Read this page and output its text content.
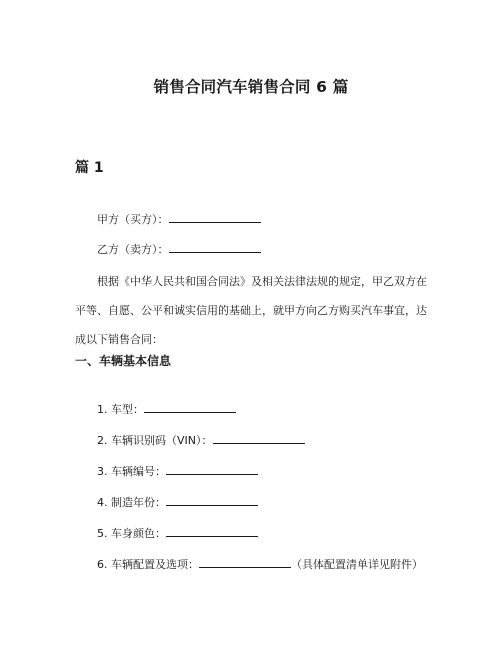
销售合同汽车销售合同 6 篇
篇 1
甲方（买方）：
乙方（卖方）：
根据《中华人民共和国合同法》及相关法律法规的规定，甲乙双方在平等、自愿、公平和诚实信用的基础上，就甲方向乙方购买汽车事宜，达成以下销售合同：
一、车辆基本信息
1. 车型：
2. 车辆识别码（VIN）：
3. 车辆编号：
4. 制造年份：
5. 车身颜色：
6. 车辆配置及选项：	（具体配置清单详见附件）
